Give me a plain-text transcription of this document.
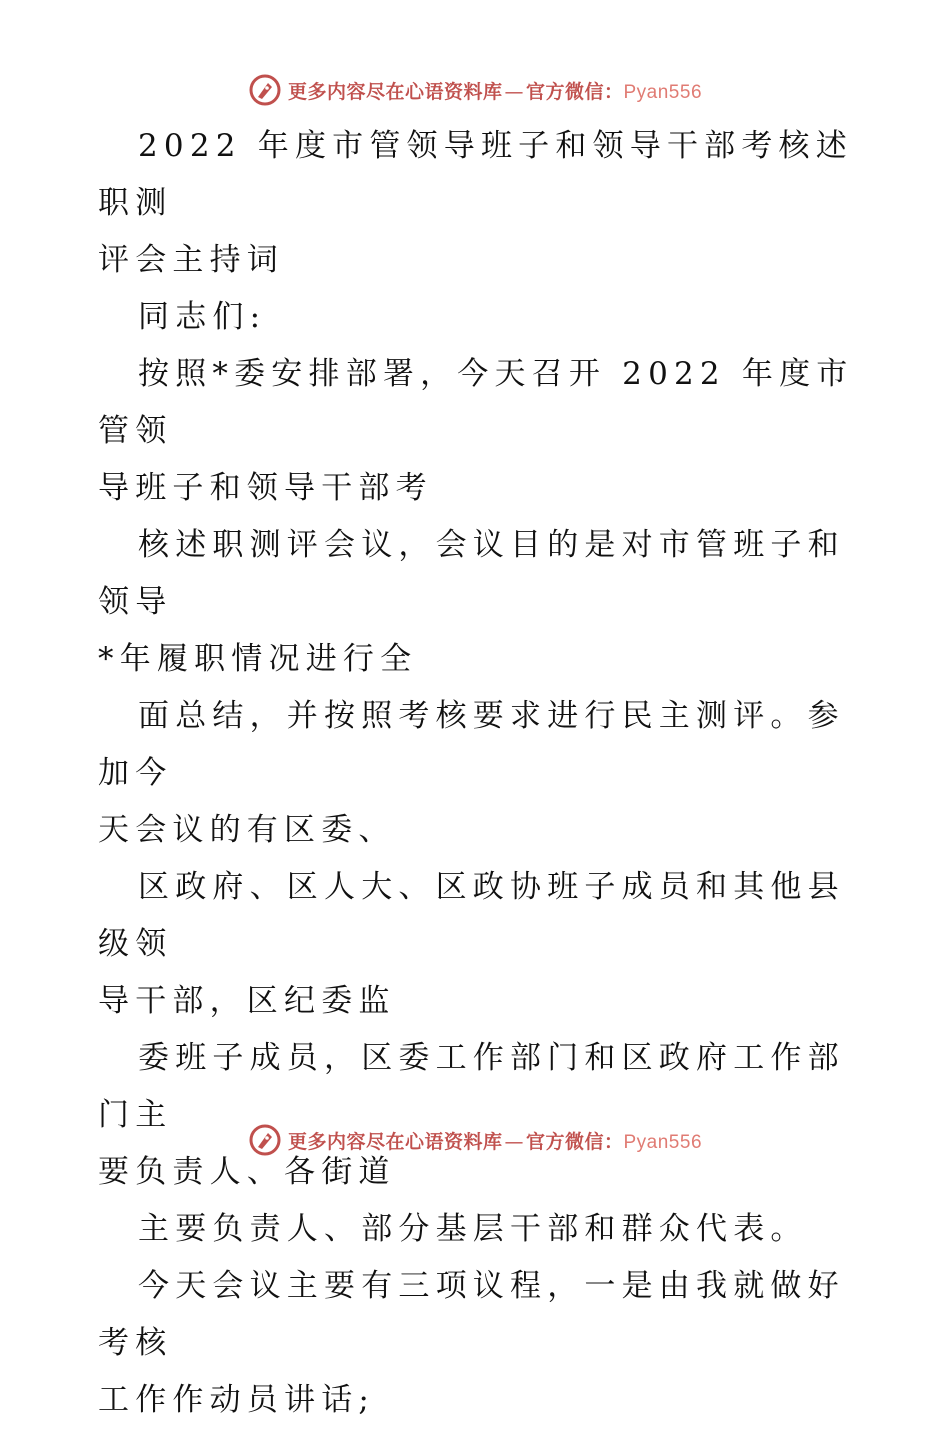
更多内容尽在心语资料库 — 官方微信： Pyan556

2022 年度市管领导班子和领导干部考核述职测
评会主持词

同志们:

按照*委安排部署，今天召开 2022 年度市管领
导班子和领导干部考

核述职测评会议，会议目的是对市管班子和领导
*年履职情况进行全

面总结，并按照考核要求进行民主测评。参加今
天会议的有区委、

区政府、区人大、区政协班子成员和其他县级领
导干部，区纪委监

委班子成员，区委工作部门和区政府工作部门主
要负责人、各街道

主要负责人、部分基层干部和群众代表。

今天会议主要有三项议程，一是由我就做好考核
工作作动员讲话;

更多内容尽在心语资料库 — 官方微信： Pyan556
